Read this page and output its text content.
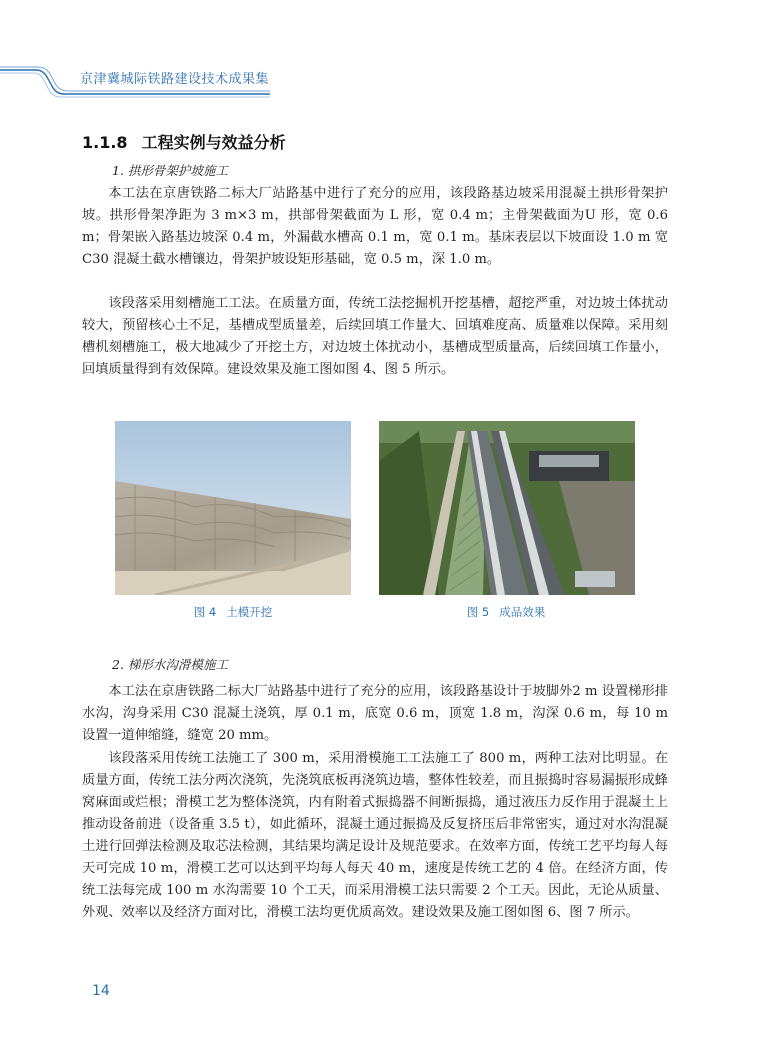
京津冀城际铁路建设技术成果集
1.1.8 工程实例与效益分析
1. 拱形骨架护坡施工

本工法在京唐铁路二标大厂站路基中进行了充分的应用，该段路基边坡采用混凝土拱形骨架护坡。拱形骨架净距为 3 m×3 m，拱部骨架截面为 L 形，宽 0.4 m；主骨架截面为U 形，宽 0.6 m；骨架嵌入路基边坡深 0.4 m，外漏截水槽高 0.1 m，宽 0.1 m。基床表层以下坡面设 1.0 m 宽 C30 混凝土截水槽镶边，骨架护坡设矩形基础，宽 0.5 m，深 1.0 m。

该段落采用刻槽施工工法。在质量方面，传统工法挖掘机开挖基槽，超挖严重，对边坡土体扰动较大，预留核心土不足，基槽成型质量差，后续回填工作量大、回填难度高、质量难以保障。采用刻槽机刻槽施工，极大地减少了开挖土方，对边坡土体扰动小，基槽成型质量高，后续回填工作量小，回填质量得到有效保障。建设效果及施工图如图 4、图 5 所示。

图 4 土模开挖	图 5 成品效果
2. 梯形水沟滑模施工

本工法在京唐铁路二标大厂站路基中进行了充分的应用，该段路基设计于坡脚外2 m 设置梯形排水沟，沟身采用 C30 混凝土浇筑，厚 0.1 m，底宽 0.6 m，顶宽 1.8 m，沟深 0.6 m，每 10 m 设置一道伸缩缝，缝宽 20 mm。

该段落采用传统工法施工了 300 m，采用滑模施工工法施工了 800 m，两种工法对比明显。在质量方面，传统工法分两次浇筑，先浇筑底板再浇筑边墙，整体性较差，而且振捣时容易漏振形成蜂窝麻面或烂根；滑模工艺为整体浇筑，内有附着式振捣器不间断振捣，通过液压力反作用于混凝土上推动设备前进（设备重 3.5 t），如此循环，混凝土通过振捣及反复挤压后非常密实，通过对水沟混凝土进行回弹法检测及取芯法检测，其结果均满足设计及规范要求。在效率方面，传统工艺平均每人每天可完成 10 m，滑模工艺可以达到平均每人每天 40 m，速度是传统工艺的 4 倍。在经济方面，传统工法每完成 100 m 水沟需要 10 个工天，而采用滑模工法只需要 2 个工天。因此，无论从质量、外观、效率以及经济方面对比，滑模工法均更优质高效。建设效果及施工图如图 6、图 7 所示。

14
